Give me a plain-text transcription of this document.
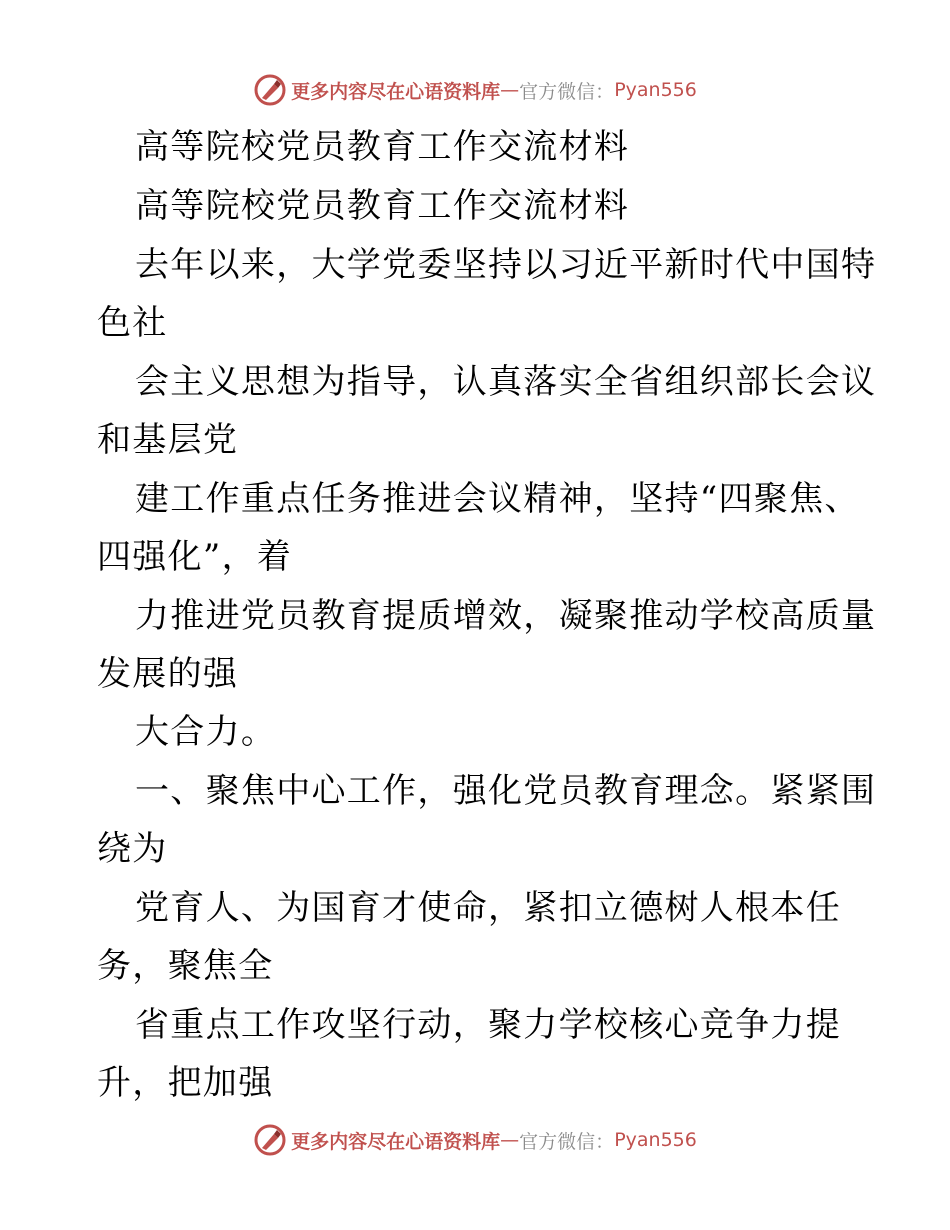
更多内容尽在心语资料库 — 官方微信： Pyan556
高等院校党员教育工作交流材料
高等院校党员教育工作交流材料
去年以来，大学党委坚持以习近平新时代中国特
色社
会主义思想为指导，认真落实全省组织部长会议
和基层党
建工作重点任务推进会议精神，坚持“四聚焦、
四强化”，着
力推进党员教育提质增效，凝聚推动学校高质量
发展的强
大合力。
一、聚焦中心工作，强化党员教育理念。紧紧围
绕为
党育人、为国育才使命，紧扣立德树人根本任
务，聚焦全
省重点工作攻坚行动，聚力学校核心竞争力提
升，把加强
更多内容尽在心语资料库 — 官方微信： Pyan556
